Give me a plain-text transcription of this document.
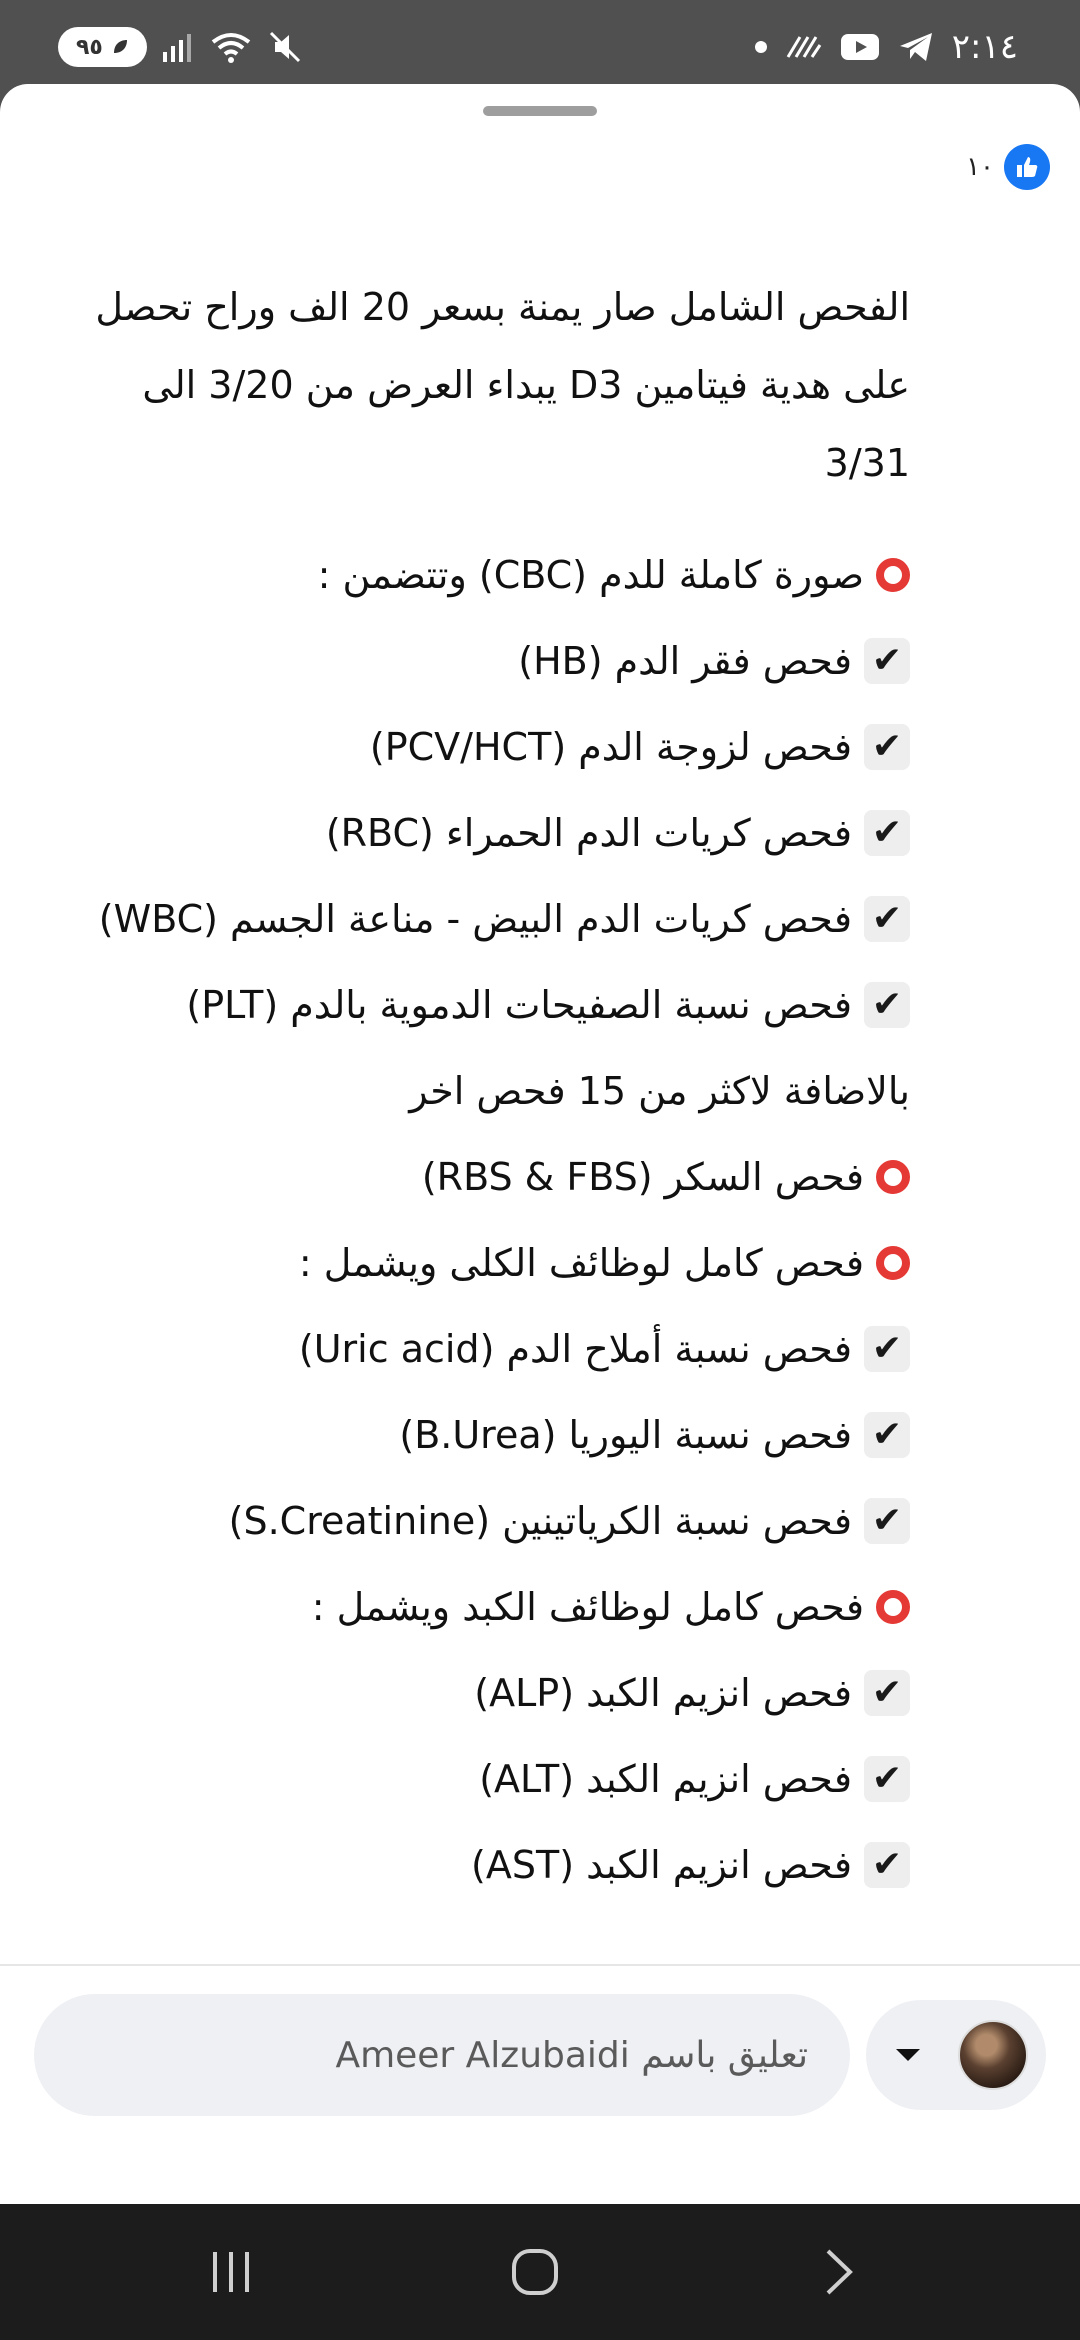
٩٥	٢:١٤
١٠

الفحص الشامل صار يمنة بسعر 20 الف وراح تحصل على هدية فيتامين D3 يبداء العرض من 3/20 الى 3/31

صورة كاملة للدم (CBC) وتتضمن :
✔
فحص فقر الدم (HB)
✔
فحص لزوجة الدم (PCV/HCT)
✔
فحص كريات الدم الحمراء (RBC)
✔
فحص كريات الدم البيض - مناعة الجسم (WBC)
✔
فحص نسبة الصفيحات الدموية بالدم (PLT)
بالاضافة لاكثر من 15 فحص اخر
فحص السكر (RBS & FBS)
فحص كامل لوظائف الكلى ويشمل :
✔
فحص نسبة أملاح الدم (Uric acid)
✔
فحص نسبة اليوريا (B.Urea)
✔
فحص نسبة الكرياتينين (S.Creatinine)
فحص كامل لوظائف الكبد ويشمل :
✔
فحص انزيم الكبد (ALP)
✔
فحص انزيم الكبد (ALT)
✔
فحص انزيم الكبد (AST)
تعليق باسم Ameer Alzubaidi
